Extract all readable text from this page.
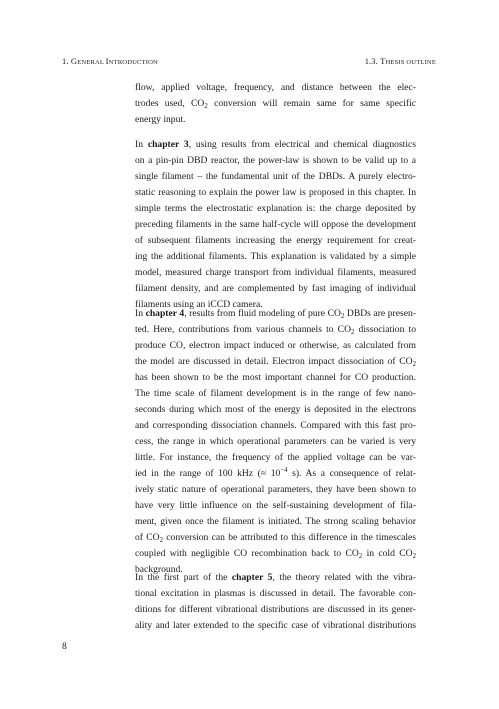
1. GENERAL INTRODUCTION	1.3. THESIS OUTLINE
flow, applied voltage, frequency, and distance between the elec-
trodes used, $CO_2$ conversion will remain same for same specific
energy input.
In chapter 3, using results from electrical and chemical diagnostics
on a pin-pin DBD reactor, the power-law is shown to be valid up to a
single filament – the fundamental unit of the DBDs. A purely electro-
static reasoning to explain the power law is proposed in this chapter. In
simple terms the electrostatic explanation is: the charge deposited by
preceding filaments in the same half-cycle will oppose the development
of subsequent filaments increasing the energy requirement for creat-
ing the additional filaments. This explanation is validated by a simple
model, measured charge transport from individual filaments, measured
filament density, and are complemented by fast imaging of individual
filaments using an iCCD camera.
In chapter 4, results from fluid modeling of pure $CO_2$ DBDs are presen-
ted. Here, contributions from various channels to $CO_2$ dissociation to
produce CO, electron impact induced or otherwise, as calculated from
the model are discussed in detail. Electron impact dissociation of $CO_2$
has been shown to be the most important channel for CO production.
The time scale of filament development is in the range of few nano-
seconds during which most of the energy is deposited in the electrons
and corresponding dissociation channels. Compared with this fast pro-
cess, the range in which operational parameters can be varied is very
little. For instance, the frequency of the applied voltage can be var-
ied in the range of 100 kHz (≈ $10^{-4}$ s). As a consequence of relat-
ively static nature of operational parameters, they have been shown to
have very little influence on the self-sustaining development of fila-
ment, given once the filament is initiated. The strong scaling behavior
of $CO_2$ conversion can be attributed to this difference in the timescales
coupled with negligible CO recombination back to $CO_2$ in cold $CO_2$
background.
In the first part of the chapter 5, the theory related with the vibra-
tional excitation in plasmas is discussed in detail. The favorable con-
ditions for different vibrational distributions are discussed in its gener-
ality and later extended to the specific case of vibrational distributions
8
